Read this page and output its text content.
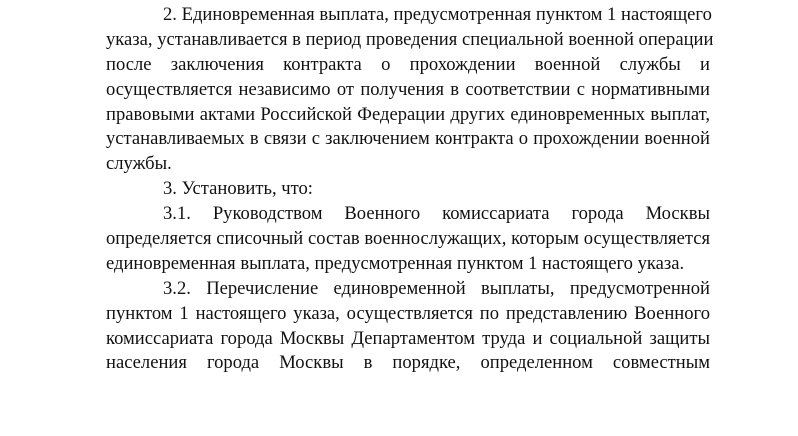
2. Единовременная выплата, предусмотренная пунктом 1 настоящего
указа, устанавливается в период проведения специальной военной операции
после заключения контракта о прохождении военной службы и
осуществляется независимо от получения в соответствии с нормативными
правовыми актами Российской Федерации других единовременных выплат,
устанавливаемых в связи с заключением контракта о прохождении военной
службы.
3. Установить, что:
3.1. Руководством Военного комиссариата города Москвы
определяется списочный состав военнослужащих, которым осуществляется
единовременная выплата, предусмотренная пунктом 1 настоящего указа.
3.2. Перечисление единовременной выплаты, предусмотренной
пунктом 1 настоящего указа, осуществляется по представлению Военного
комиссариата города Москвы Департаментом труда и социальной защиты
населения города Москвы в порядке, определенном совместным
